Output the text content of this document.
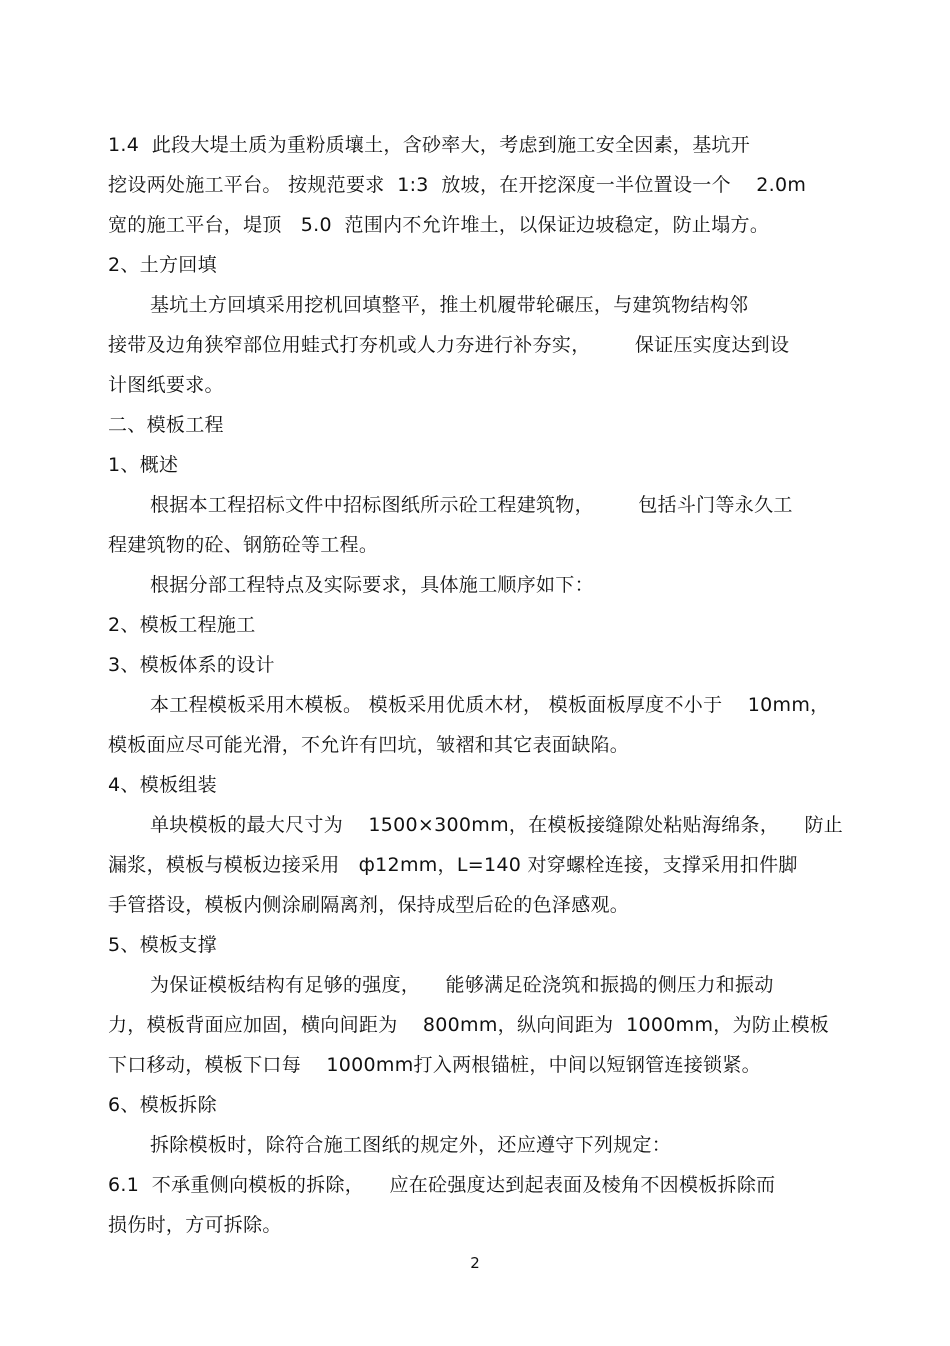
1.4  此段大堤土质为重粉质壤土，含砂率大，考虑到施工安全因素，基坑开
挖设两处施工平台。 按规范要求  1:3  放坡，在开挖深度一半位置设一个    2.0m
宽的施工平台，堤顶   5.0  范围内不允许堆土，以保证边坡稳定，防止塌方。
2、土方回填
基坑土方回填采用挖机回填整平，推土机履带轮碾压，与建筑物结构邻
接带及边角狭窄部位用蛙式打夯机或人力夯进行补夯实，       保证压实度达到设
计图纸要求。
二、模板工程
1、概述
根据本工程招标文件中招标图纸所示砼工程建筑物，       包括斗门等永久工
程建筑物的砼、钢筋砼等工程。
根据分部工程特点及实际要求，具体施工顺序如下：
2、模板工程施工
3、模板体系的设计
本工程模板采用木模板。 模板采用优质木材， 模板面板厚度不小于    10mm，
模板面应尽可能光滑，不允许有凹坑，皱褶和其它表面缺陷。
4、模板组装
单块模板的最大尺寸为    1500×300mm，在模板接缝隙处粘贴海绵条，    防止
漏浆，模板与模板边接采用   ф12mm，L=140 对穿螺栓连接，支撑采用扣件脚
手管搭设，模板内侧涂刷隔离剂，保持成型后砼的色泽感观。
5、模板支撑
为保证模板结构有足够的强度，    能够满足砼浇筑和振捣的侧压力和振动
力，模板背面应加固，横向间距为    800mm，纵向间距为  1000mm，为防止模板
下口移动，模板下口每    1000mm打入两根锚桩，中间以短钢管连接锁紧。
6、模板拆除
拆除模板时，除符合施工图纸的规定外，还应遵守下列规定：
6.1  不承重侧向模板的拆除，    应在砼强度达到起表面及棱角不因模板拆除而
损伤时，方可拆除。
2
